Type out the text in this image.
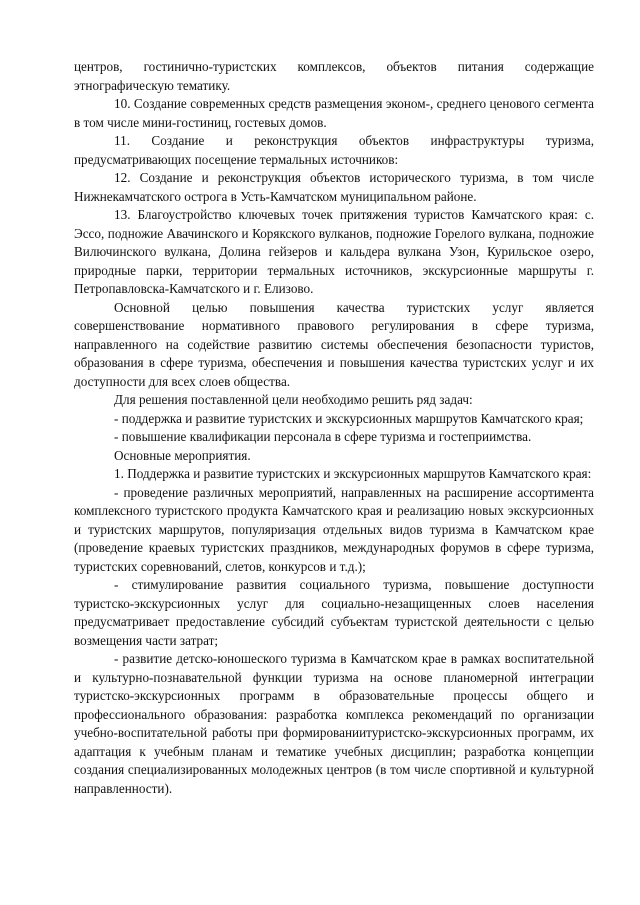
центров, гостинично-туристских комплексов, объектов питания содержащие этнографическую тематику.

10. Создание современных средств размещения эконом-, среднего ценового сегмента в том числе мини-гостиниц, гостевых домов.

11. Создание и реконструкция объектов инфраструктуры туризма, предусматривающих посещение термальных источников:

12. Создание и реконструкция объектов исторического туризма, в том числе Нижнекамчатского острога в Усть-Камчатском муниципальном районе.

13. Благоустройство ключевых точек притяжения туристов Камчатского края: с. Эссо, подножие Авачинского и Корякского вулканов, подножие Горелого вулкана, подножие Вилючинского вулкана, Долина гейзеров и кальдера вулкана Узон, Курильское озеро, природные парки, территории термальных источников, экскурсионные маршруты г. Петропавловска-Камчатского и г. Елизово.

Основной целью повышения качества туристских услуг является совершенствование нормативного правового регулирования в сфере туризма, направленного на содействие развитию системы обеспечения безопасности туристов, образования в сфере туризма, обеспечения и повышения качества туристских услуг и их доступности для всех слоев общества.

Для решения поставленной цели необходимо решить ряд задач:

- поддержка и развитие туристских и экскурсионных маршрутов Камчатского края;

- повышение квалификации персонала в сфере туризма и гостеприимства.

Основные мероприятия.

1. Поддержка и развитие туристских и экскурсионных маршрутов Камчатского края:

- проведение различных мероприятий, направленных на расширение ассортимента комплексного туристского продукта Камчатского края и реализацию новых экскурсионных и туристских маршрутов, популяризация отдельных видов туризма в Камчатском крае (проведение краевых туристских праздников, международных форумов в сфере туризма, туристских соревнований, слетов, конкурсов и т.д.);

- стимулирование развития социального туризма, повышение доступности туристско-экскурсионных услуг для социально-незащищенных слоев населения предусматривает предоставление субсидий субъектам туристской деятельности с целью возмещения части затрат;

- развитие детско-юношеского туризма в Камчатском крае в рамках воспитательной и культурно-познавательной функции туризма на основе планомерной интеграции туристско-экскурсионных программ в образовательные процессы общего и профессионального образования: разработка комплекса рекомендаций по организации учебно-воспитательной работы при формированиитуристско-экскурсионных программ, их адаптация к учебным планам и тематике учебных дисциплин; разработка концепции создания специализированных молодежных центров (в том числе спортивной и культурной направленности).
